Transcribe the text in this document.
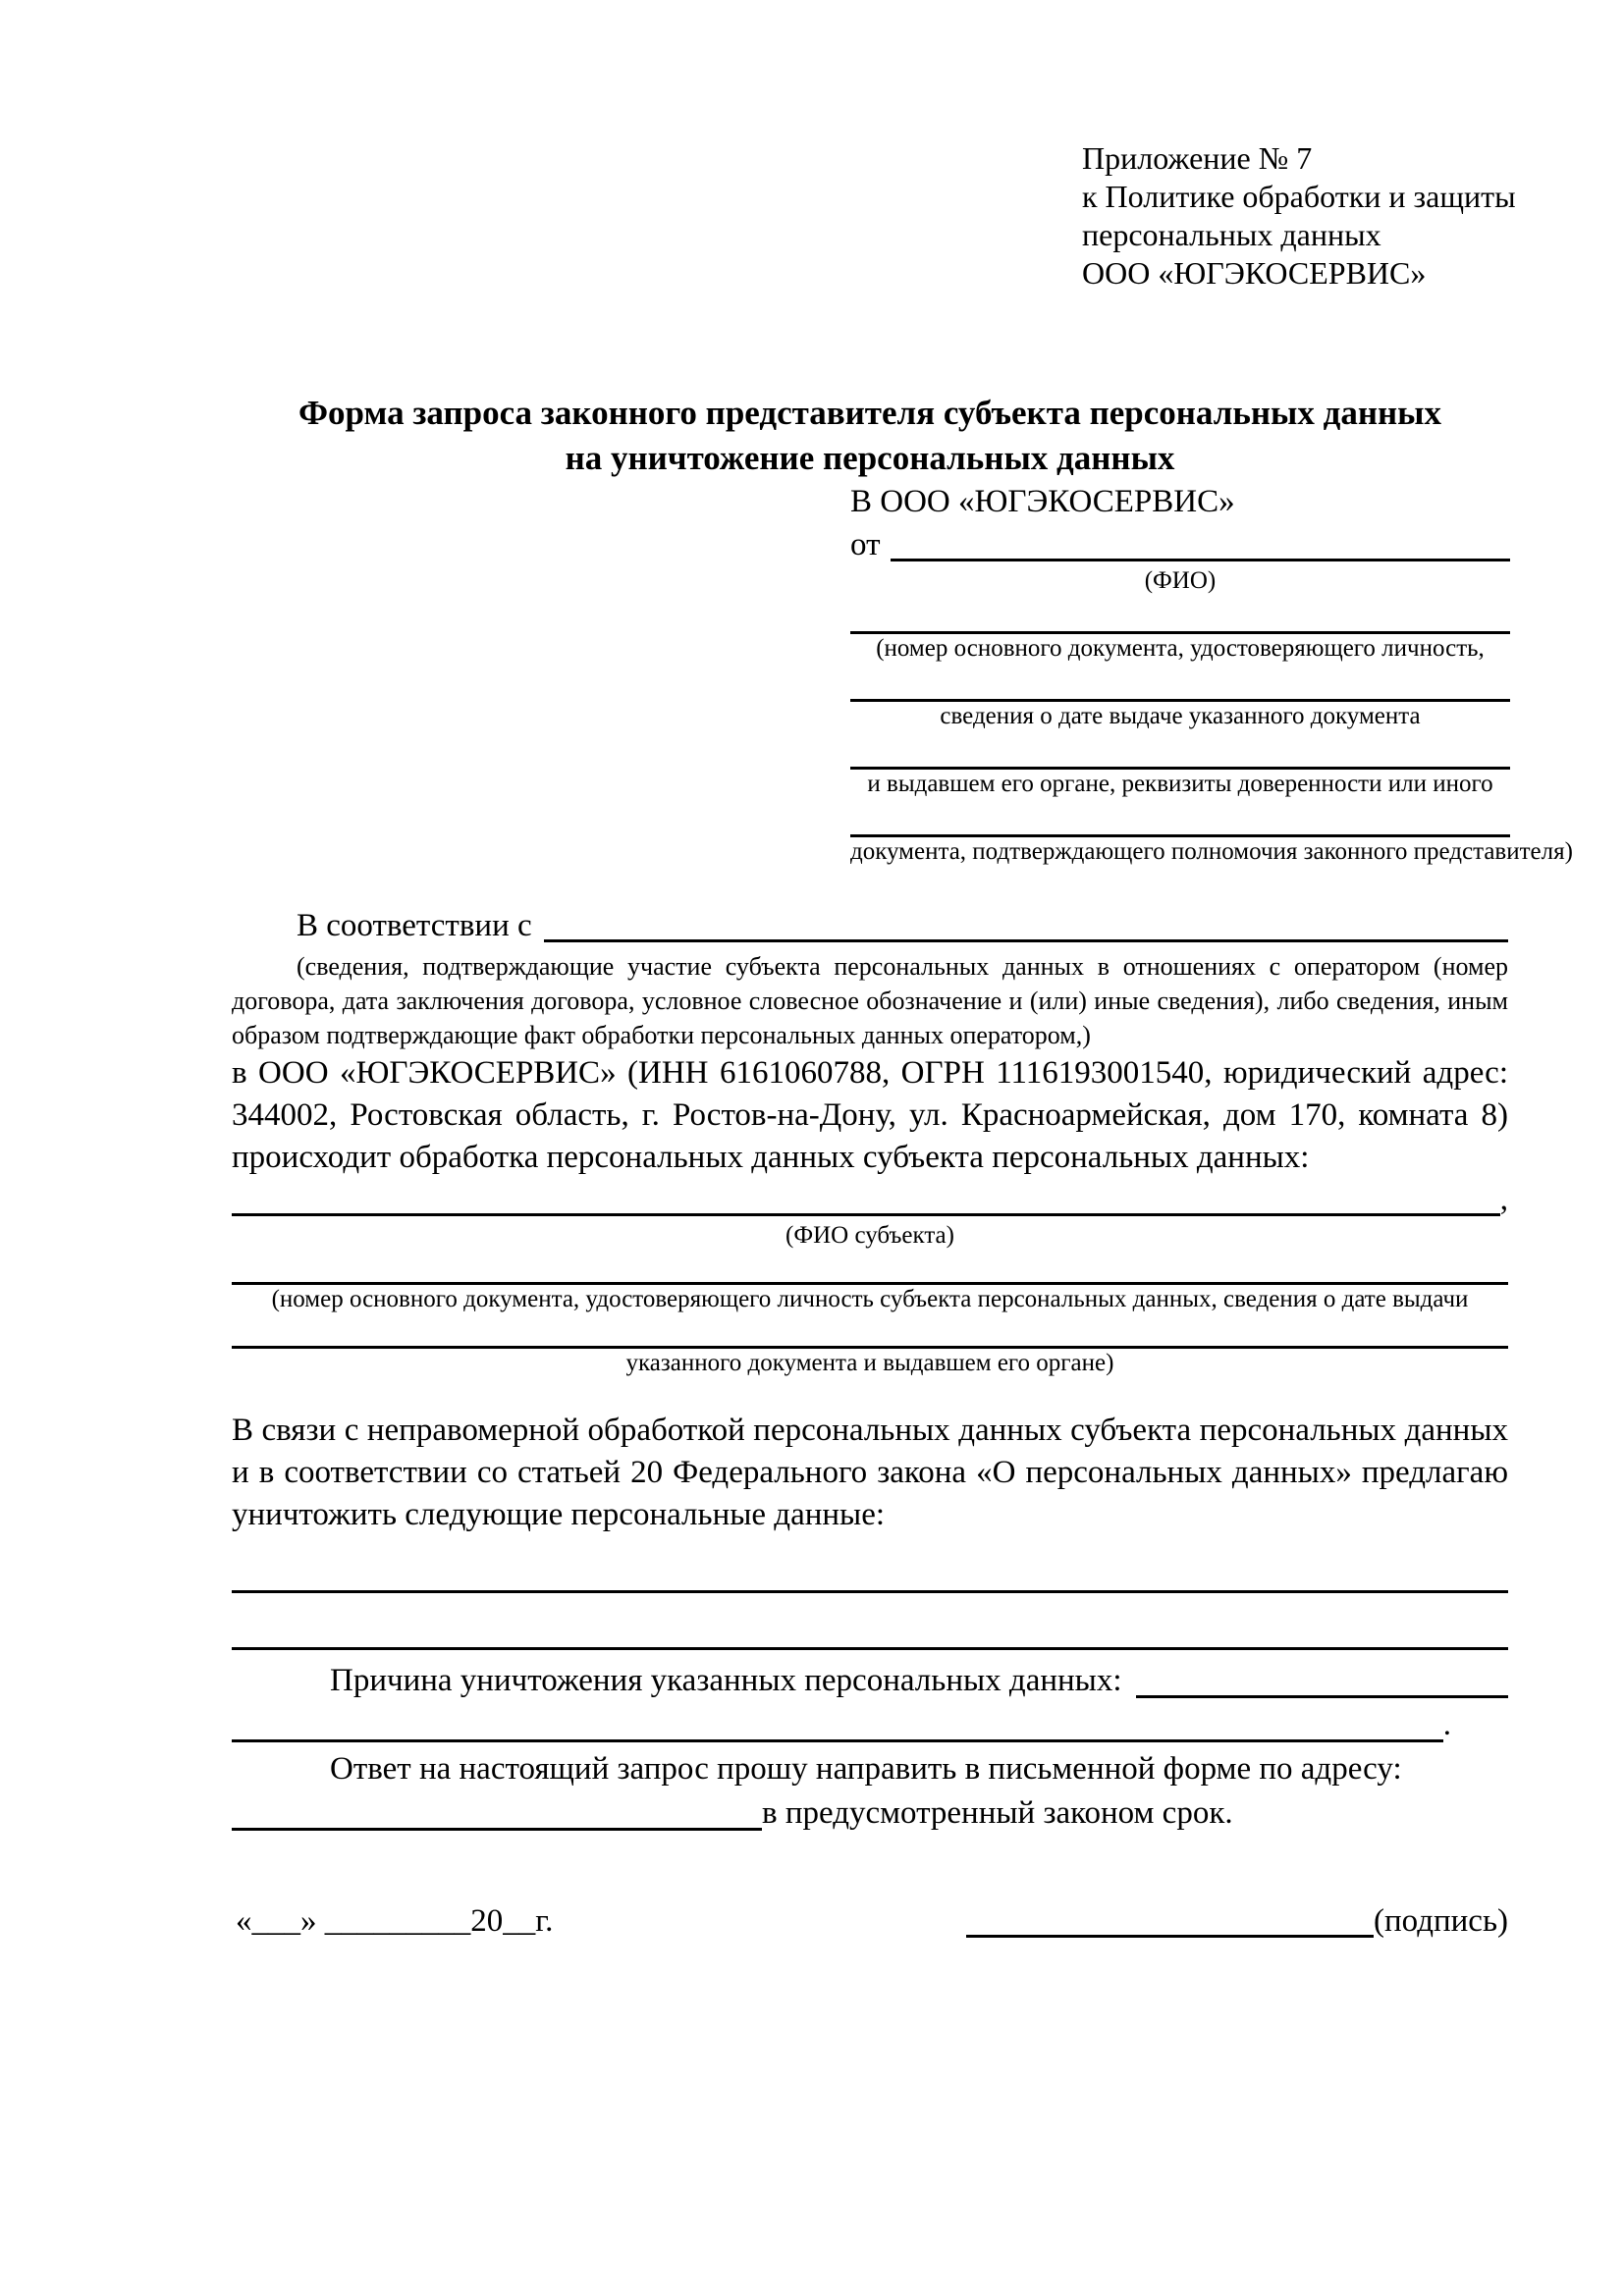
Приложение № 7
к Политике обработки и защиты
персональных данных
ООО «ЮГЭКОСЕРВИС»
Форма запроса законного представителя субъекта персональных данных
на уничтожение персональных данных
В ООО «ЮГЭКОСЕРВИС»
от
(ФИО)
(номер основного документа, удостоверяющего личность,
сведения о дате выдаче указанного документа
и выдавшем его органе, реквизиты доверенности или иного
документа, подтверждающего полномочия законного представителя)
В соответствии с
(сведения, подтверждающие участие субъекта персональных данных в отношениях с оператором (номер договора, дата заключения договора, условное словесное обозначение и (или) иные сведения), либо сведения, иным образом подтверждающие факт обработки персональных данных оператором,)
в ООО «ЮГЭКОСЕРВИС» (ИНН 6161060788, ОГРН 1116193001540, юридический адрес: 344002, Ростовская область, г. Ростов-на-Дону, ул. Красноармейская, дом 170, комната 8) происходит обработка персональных данных субъекта персональных данных:
,
(ФИО субъекта)
(номер основного документа, удостоверяющего личность субъекта персональных данных, сведения о дате выдачи
указанного документа и выдавшем его органе)
В связи с неправомерной обработкой персональных данных субъекта персональных данных и в соответствии со статьей 20 Федерального закона «О персональных данных» предлагаю уничтожить следующие персональные данные:
Причина уничтожения указанных персональных данных:
.
Ответ на настоящий запрос прошу направить в письменной форме по адресу:
в предусмотренный законом срок.
«___» _________20__г.	(подпись)
